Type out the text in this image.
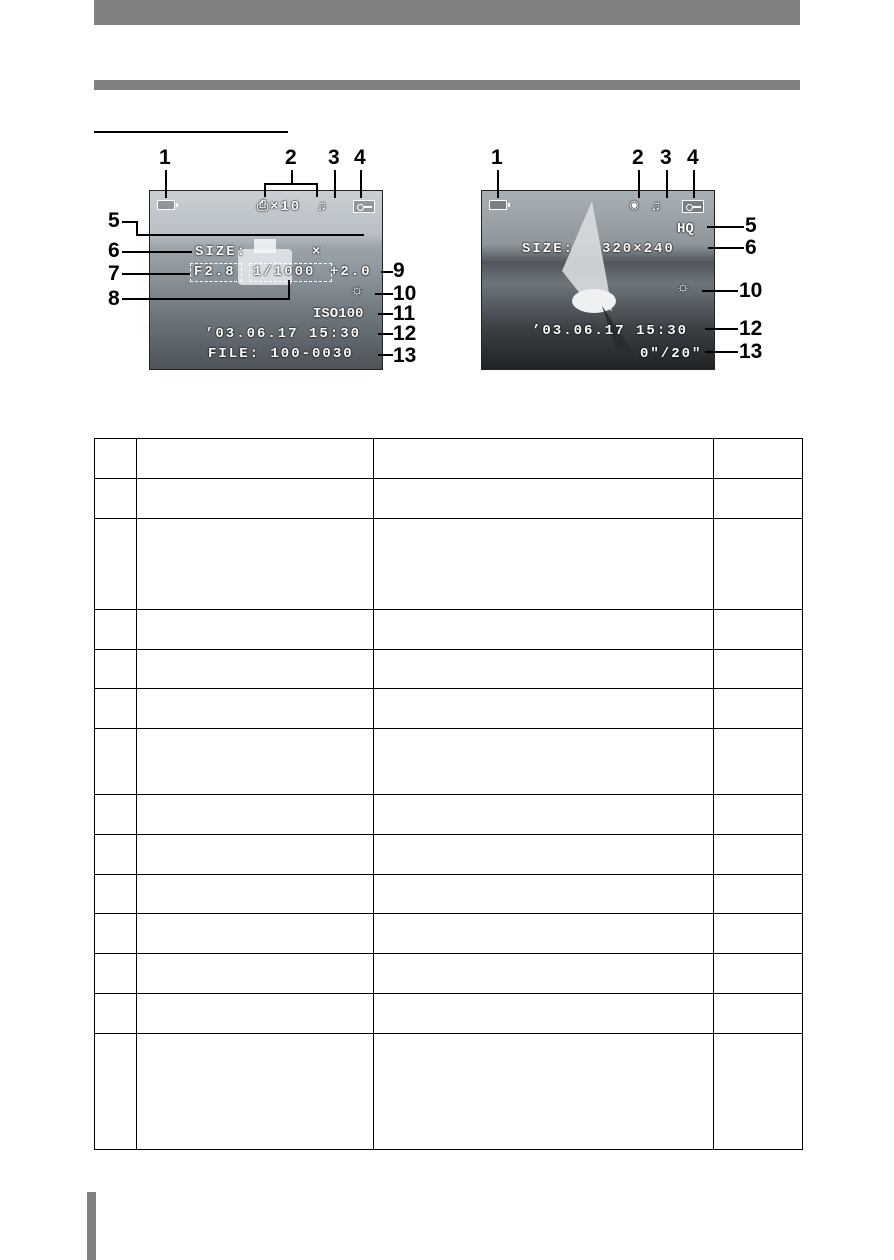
⎙ ×10 ♫
SIZE:	×
F2.8 1/1000 +2.0
☼
ISO100
’03.06.17 15:30
FILE: 100-0030
1	2 3 4
5
6
7
8
9
10
11
12
13
◉ ♫
HQ
SIZE: 320×240
☼
’03.06.17 15:30
0"/20"
1	2 3 4
5
6
10
12
13
